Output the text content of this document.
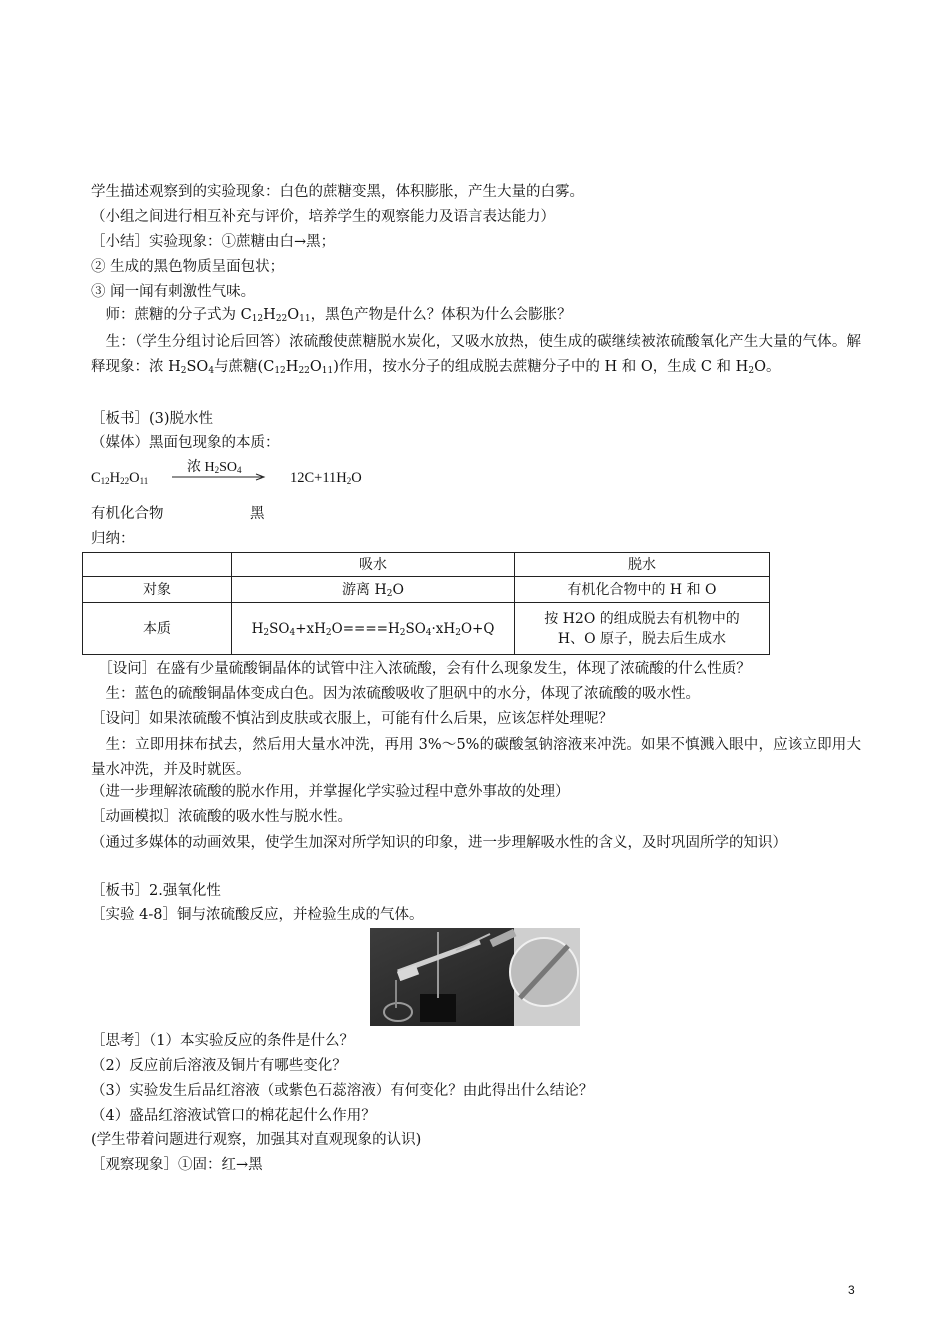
学生描述观察到的实验现象：白色的蔗糖变黑，体积膨胀，产生大量的白雾。
（小组之间进行相互补充与评价，培养学生的观察能力及语言表达能力）
［小结］实验现象：①蔗糖由白→黑；
② 生成的黑色物质呈面包状；
③ 闻一闻有刺激性气味。
　师：蔗糖的分子式为 $C_{12}H_{22}O_{11}$，黑色产物是什么？体积为什么会膨胀？
　生：（学生分组讨论后回答）浓硫酸使蔗糖脱水炭化，又吸水放热，使生成的碳继续被浓硫酸氧化产生大量的气体。解释现象：浓 $H_2SO_4$与蔗糖$(C_{12}H_{22}O_{11})$作用，按水分子的组成脱去蔗糖分子中的 H 和 O，生成 C 和 $H_2O$。
［板书］(3)脱水性
（媒体）黑面包现象的本质：
$C_{12}H_{22}O_{11}$
浓 $H_2SO_4$	$12C+11H_2O$
有机化合物	黑
归纳：
	吸水	脱水
对象	游离 $H_2O$	有机化合物中的 H 和 O
本质	$H_2SO_4+xH_2O====H_2SO_4\cdot xH_2O+Q$	按 H2O 的组成脱去有机物中的
H、O 原子，脱去后生成水
　［设问］在盛有少量硫酸铜晶体的试管中注入浓硫酸，会有什么现象发生，体现了浓硫酸的什么性质？
　生：蓝色的硫酸铜晶体变成白色。因为浓硫酸吸收了胆矾中的水分，体现了浓硫酸的吸水性。
［设问］如果浓硫酸不慎沾到皮肤或衣服上，可能有什么后果，应该怎样处理呢？
　生：立即用抹布拭去，然后用大量水冲洗，再用 3%～5%的碳酸氢钠溶液来冲洗。如果不慎溅入眼中，应该立即用大量水冲洗，并及时就医。
（进一步理解浓硫酸的脱水作用，并掌握化学实验过程中意外事故的处理）
［动画模拟］浓硫酸的吸水性与脱水性。
（通过多媒体的动画效果，使学生加深对所学知识的印象，进一步理解吸水性的含义，及时巩固所学的知识）
［板书］2.强氧化性
［实验 4-8］铜与浓硫酸反应，并检验生成的气体。
［思考］（1）本实验反应的条件是什么？
（2）反应前后溶液及铜片有哪些变化？
（3）实验发生后品红溶液（或紫色石蕊溶液）有何变化？由此得出什么结论？
（4）盛品红溶液试管口的棉花起什么作用？
(学生带着问题进行观察，加强其对直观现象的认识)
［观察现象］①固：红→黑
3
